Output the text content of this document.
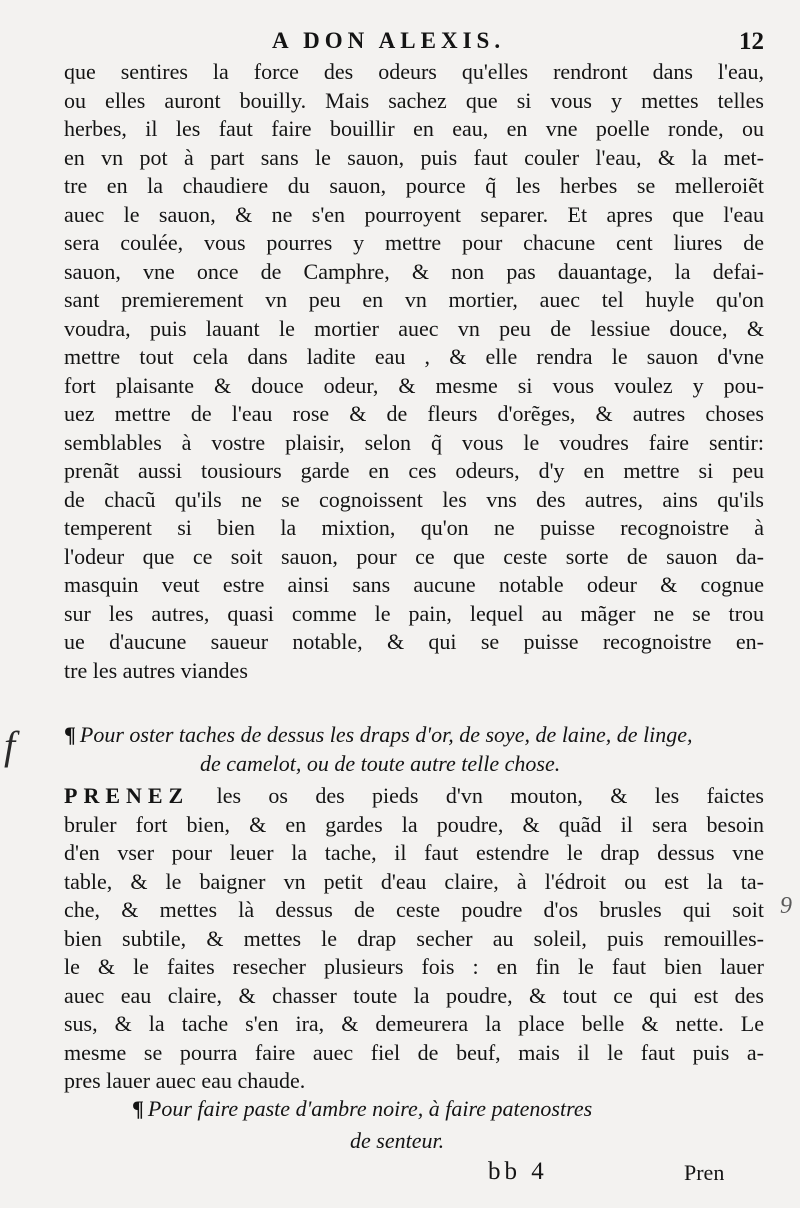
A DON ALEXIS.	12
que sentires la force des odeurs qu'elles rendront dans l'eau,
ou elles auront bouilly. Mais sachez que si vous y mettes telles
herbes, il les faut faire bouillir en eau, en vne poelle ronde, ou
en vn pot à part sans le sauon, puis faut couler l'eau, & la met-
tre en la chaudiere du sauon, pource q̃ les herbes se melleroiẽt
auec le sauon, & ne s'en pourroyent separer. Et apres que l'eau
sera coulée, vous pourres y mettre pour chacune cent liures de
sauon, vne once de Camphre, & non pas dauantage, la defai-
sant premierement vn peu en vn mortier, auec tel huyle qu'on
voudra, puis lauant le mortier auec vn peu de lessiue douce, &
mettre tout cela dans ladite eau , & elle rendra le sauon d'vne
fort plaisante & douce odeur, & mesme si vous voulez y pou-
uez mettre de l'eau rose & de fleurs d'orẽges, & autres choses
semblables à vostre plaisir, selon q̃ vous le voudres faire sentir:
prenãt aussi tousiours garde en ces odeurs, d'y en mettre si peu
de chacũ qu'ils ne se cognoissent les vns des autres, ains qu'ils
temperent si bien la mixtion, qu'on ne puisse recognoistre à
l'odeur que ce soit sauon, pour ce que ceste sorte de sauon da-
masquin veut estre ainsi sans aucune notable odeur & cognue
sur les autres, quasi comme le pain, lequel au mãger ne se trou
ue d'aucune saueur notable, & qui se puisse recognoistre en-
tre les autres viandes
¶ Pour oster taches de dessus les draps d'or, de soye, de laine, de linge,
de camelot, ou de toute autre telle chose.
PRENEZ les os des pieds d'vn mouton, & les faictes
bruler fort bien, & en gardes la poudre, & quãd il sera besoin
d'en vser pour leuer la tache, il faut estendre le drap dessus vne
table, & le baigner vn petit d'eau claire, à l'édroit ou est la ta-
che, & mettes là dessus de ceste poudre d'os brusles qui soit
bien subtile, & mettes le drap secher au soleil, puis remouilles-
le & le faites resecher plusieurs fois : en fin le faut bien lauer
auec eau claire, & chasser toute la poudre, & tout ce qui est des
sus, & la tache s'en ira, & demeurera la place belle & nette. Le
mesme se pourra faire auec fiel de beuf, mais il le faut puis a-
pres lauer auec eau chaude.
¶ Pour faire paste d'ambre noire, à faire patenostres
de senteur.
bb 4	Pren
f
9
